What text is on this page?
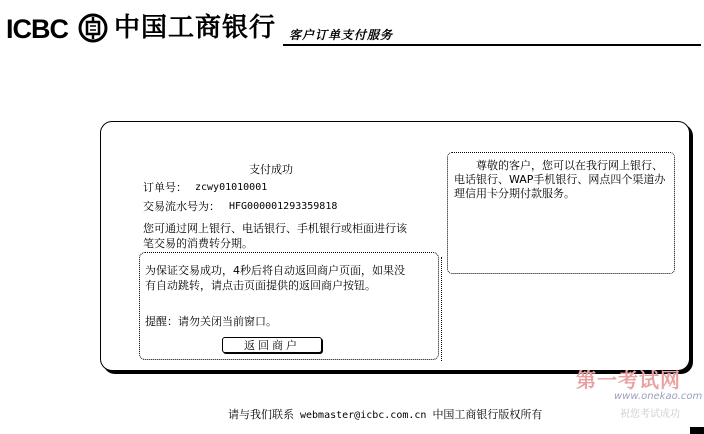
ICBC 中国工商银行 客户订单支付服务
支付成功
订单号： zcwy01010001
交易流水号为： HFG000001293359818
您可通过网上银行、电话银行、手机银行或柜面进行该笔交易的消费转分期。
为保证交易成功，4秒后将自动返回商户页面，如果没有自动跳转，请点击页面提供的返回商户按钮。
提醒：请勿关闭当前窗口。
返回商户
尊敬的客户，您可以在我行网上银行、电话银行、WAP手机银行、网点四个渠道办理信用卡分期付款服务。
请与我们联系 webmaster@icbc.com.cn 中国工商银行版权所有
第一考试网
www.onekao.com
祝您考试成功
